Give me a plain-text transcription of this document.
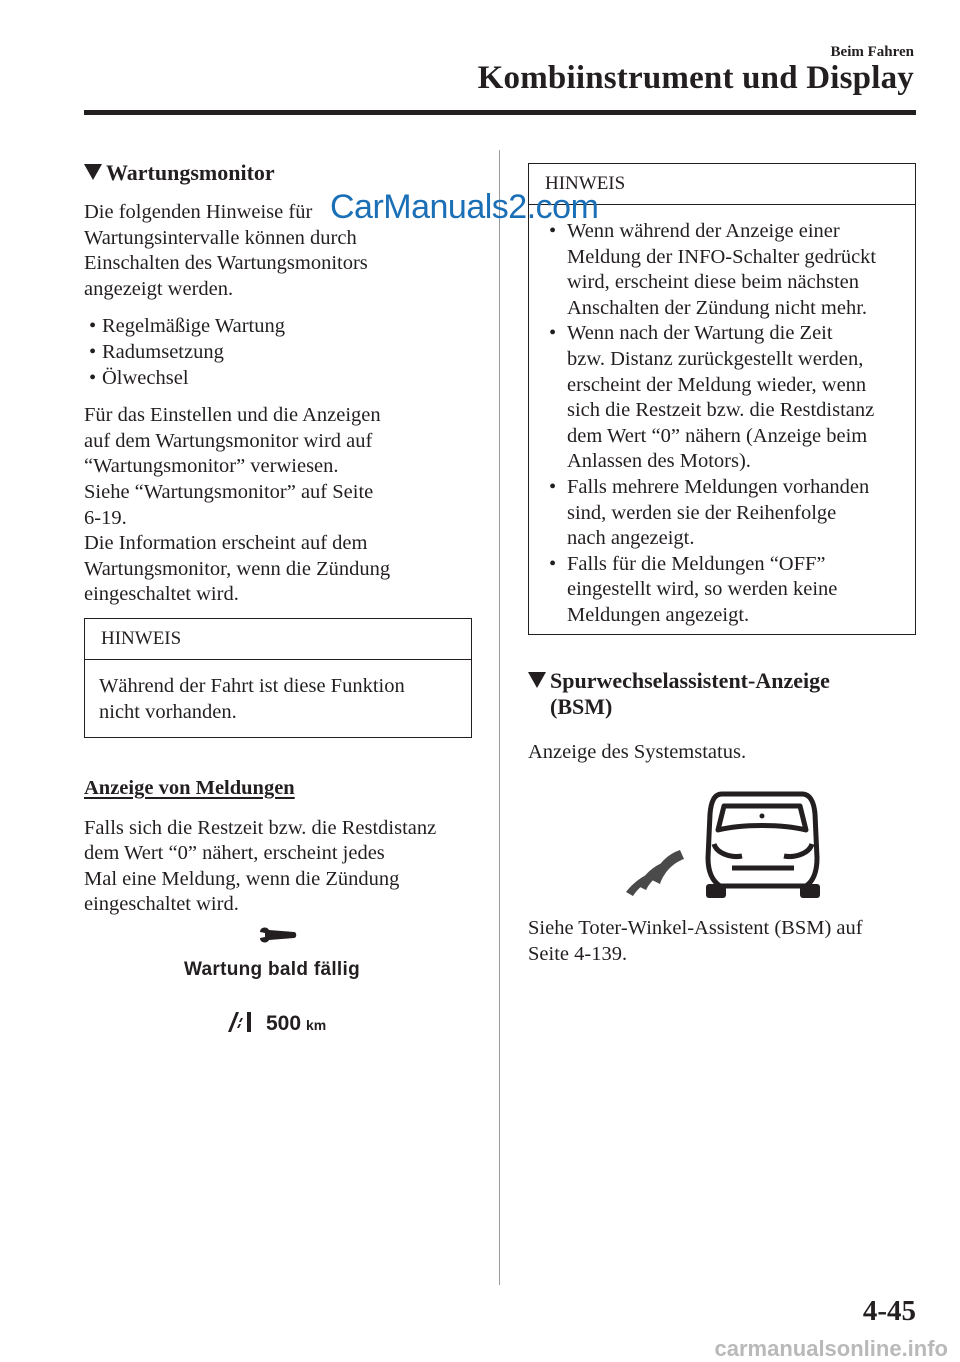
Beim Fahren
Kombiinstrument und Display
Wartungsmonitor

Die folgenden Hinweise für

Wartungsintervalle können durch

Einschalten des Wartungsmonitors

angezeigt werden.

• Regelmäßige Wartung
• Radumsetzung
• Ölwechsel

Für das Einstellen und die Anzeigen

auf dem Wartungsmonitor wird auf

“Wartungsmonitor” verwiesen.

Siehe “Wartungsmonitor” auf Seite

6-19.

Die Information erscheint auf dem

Wartungsmonitor, wenn die Zündung

eingeschaltet wird.

HINWEIS

Während der Fahrt ist diese Funktion

nicht vorhanden.

Anzeige von Meldungen

Falls sich die Restzeit bzw. die Restdistanz

dem Wert “0” nähert, erscheint jedes

Mal eine Meldung, wenn die Zündung

eingeschaltet wird.

Wartung bald fällig
500 km
HINWEIS

• Wenn während der Anzeige einer

Meldung der INFO-Schalter gedrückt

wird, erscheint diese beim nächsten

Anschalten der Zündung nicht mehr.

• Wenn nach der Wartung die Zeit

bzw. Distanz zurückgestellt werden,

erscheint der Meldung wieder, wenn

sich die Restzeit bzw. die Restdistanz

dem Wert “0” nähern (Anzeige beim

Anlassen des Motors).

• Falls mehrere Meldungen vorhanden

sind, werden sie der Reihenfolge

nach angezeigt.

• Falls für die Meldungen “OFF”

eingestellt wird, so werden keine

Meldungen angezeigt.

Spurwechselassistent-Anzeige
(BSM)

Anzeige des Systemstatus.

Siehe Toter-Winkel-Assistent (BSM) auf

Seite 4-139.

4-45
CarManuals2.com
carmanualsonline.info
